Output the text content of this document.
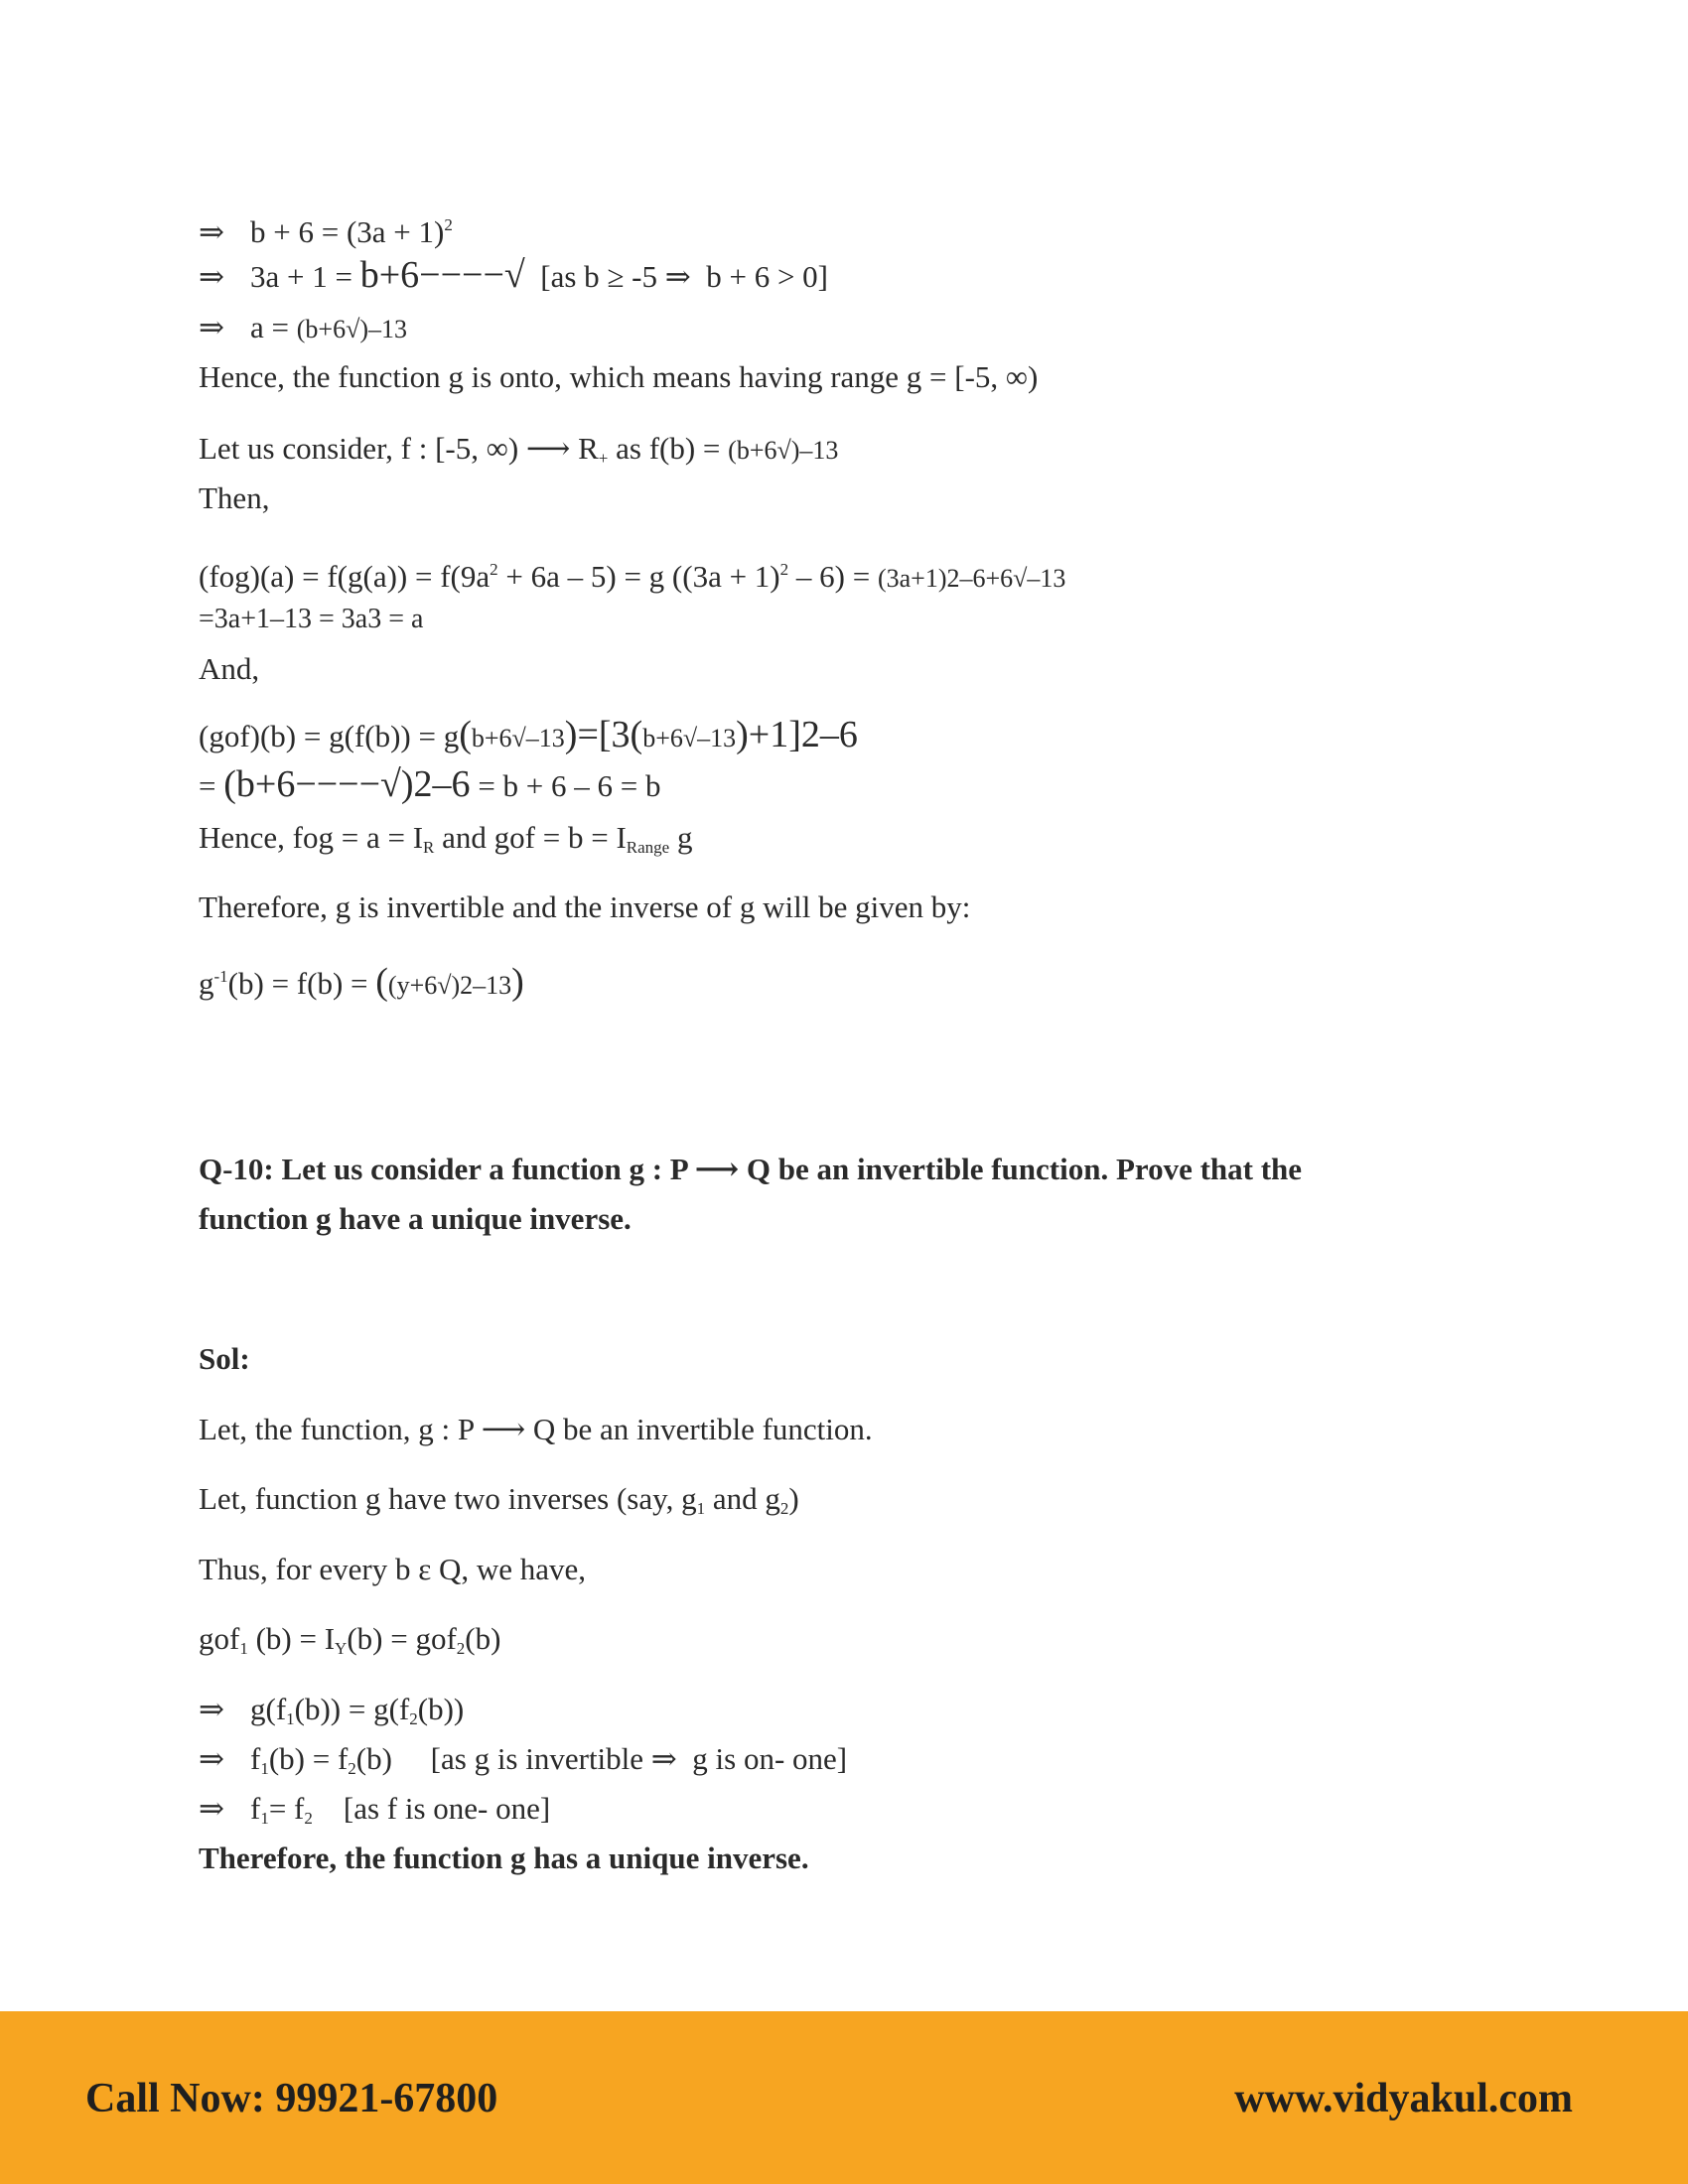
⇒ $b + 6 = (3a + 1)^2$
⇒ 3a + 1 = b+6−−−−√  [as b ≥ -5 ⇒  b + 6 > 0]
⇒ a = (b+6√)–13
Hence, the function g is onto, which means having range g = [-5, ∞)
Let us consider, f : [-5, ∞) ⟶ $R_+$ as f(b) = (b+6√)–13
Then,
$(fog)(a) = f(g(a)) = f(9a^2 + 6a - 5) = g$ $((3a + 1)^2 - 6) = (3a+1)2-6+6√-13$
=3a+1–13 = 3a3 = a
And,
(gof)(b) = g(f(b)) = g(b+6√–13)=[3(b+6√–13)+1]2–6
= (b+6−−−−√)2–6 = b + 6 – 6 = b
Hence, fog = $a = I_R$ and gof = $b = I_{Range}$ g
Therefore, g is invertible and the inverse of g will be given by:
$g^{-1}(b) = f(b) = ((y+6√)2-13)$
Q-10: Let us consider a function g : P ⟶ Q be an invertible function. Prove that the
function g have a unique inverse.
Sol:
Let, the function, g : P ⟶ Q be an invertible function.
Let, function g have two inverses (say, $g_1$ and $g_2$)
Thus, for every b ε Q, we have,
gof$_1$ $(b) = I_Y(b) = gof_2(b)$
⇒ $g(f_1(b)) = g(f_2(b))$
⇒ $f_1(b) = f_2(b)$     [as g is invertible ⇒  g is on- one]
⇒ $f_1= f_2$    [as f is one- one]
Therefore, the function g has a unique inverse.
Call Now: 99921-67800	www.vidyakul.com
